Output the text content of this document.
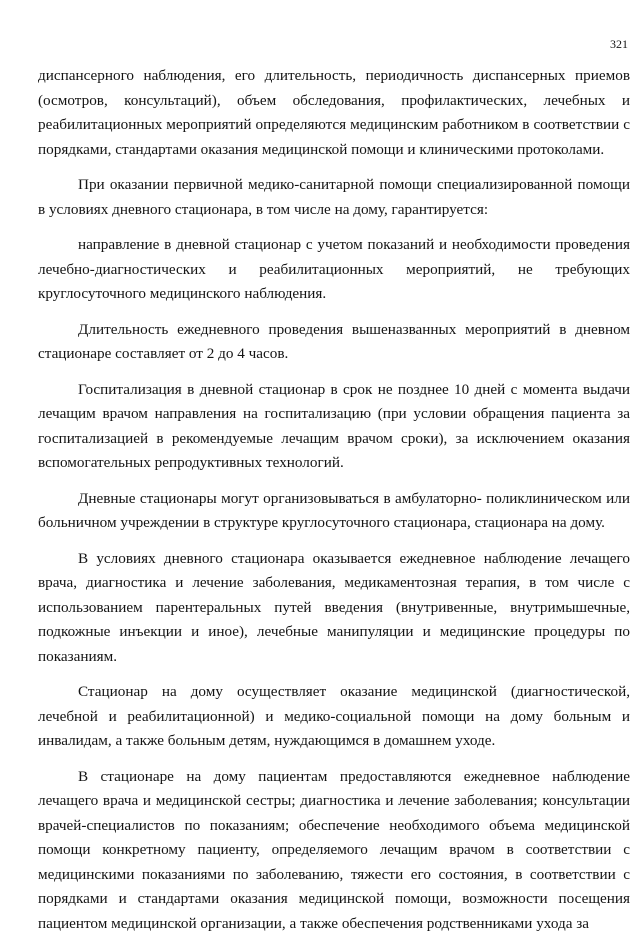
321

диспансерного наблюдения, его длительность, периодичность диспансерных приемов (осмотров, консультаций), объем обследования, профилактических, лечебных и реабилитационных мероприятий определяются медицинским работником в соответствии с порядками, стандартами оказания медицинской помощи и клиническими протоколами.

При оказании первичной медико-санитарной помощи специализированной помощи в условиях дневного стационара, в том числе на дому, гарантируется:

направление в дневной стационар с учетом показаний и необходимости проведения лечебно-диагностических и реабилитационных мероприятий, не требующих круглосуточного медицинского наблюдения.

Длительность ежедневного проведения вышеназванных мероприятий в дневном стационаре составляет от 2 до 4 часов.

Госпитализация в дневной стационар в срок не позднее 10 дней с момента выдачи лечащим врачом направления на госпитализацию (при условии обращения пациента за госпитализацией в рекомендуемые лечащим врачом сроки), за исключением оказания вспомогательных репродуктивных технологий.

Дневные стационары могут организовываться в амбулаторно- поликлиническом или больничном учреждении в структуре круглосуточного стационара, стационара на дому.

В условиях дневного стационара оказывается ежедневное наблюдение лечащего врача, диагностика и лечение заболевания, медикаментозная терапия, в том числе с использованием парентеральных путей введения (внутривенные, внутримышечные, подкожные инъекции и иное), лечебные манипуляции и медицинские процедуры по показаниям.

Стационар на дому осуществляет оказание медицинской (диагностической, лечебной и реабилитационной) и медико-социальной помощи на дому больным и инвалидам, а также больным детям, нуждающимся в домашнем уходе.

В стационаре на дому пациентам предоставляются ежедневное наблюдение лечащего врача и медицинской сестры; диагностика и лечение заболевания; консультации врачей-специалистов по показаниям; обеспечение необходимого объема медицинской помощи конкретному пациенту, определяемого лечащим врачом в соответствии с медицинскими показаниями по заболеванию, тяжести его состояния, в соответствии с порядками и стандартами оказания медицинской помощи, возможности посещения пациентом медицинской организации, а также обеспечения родственниками ухода за
